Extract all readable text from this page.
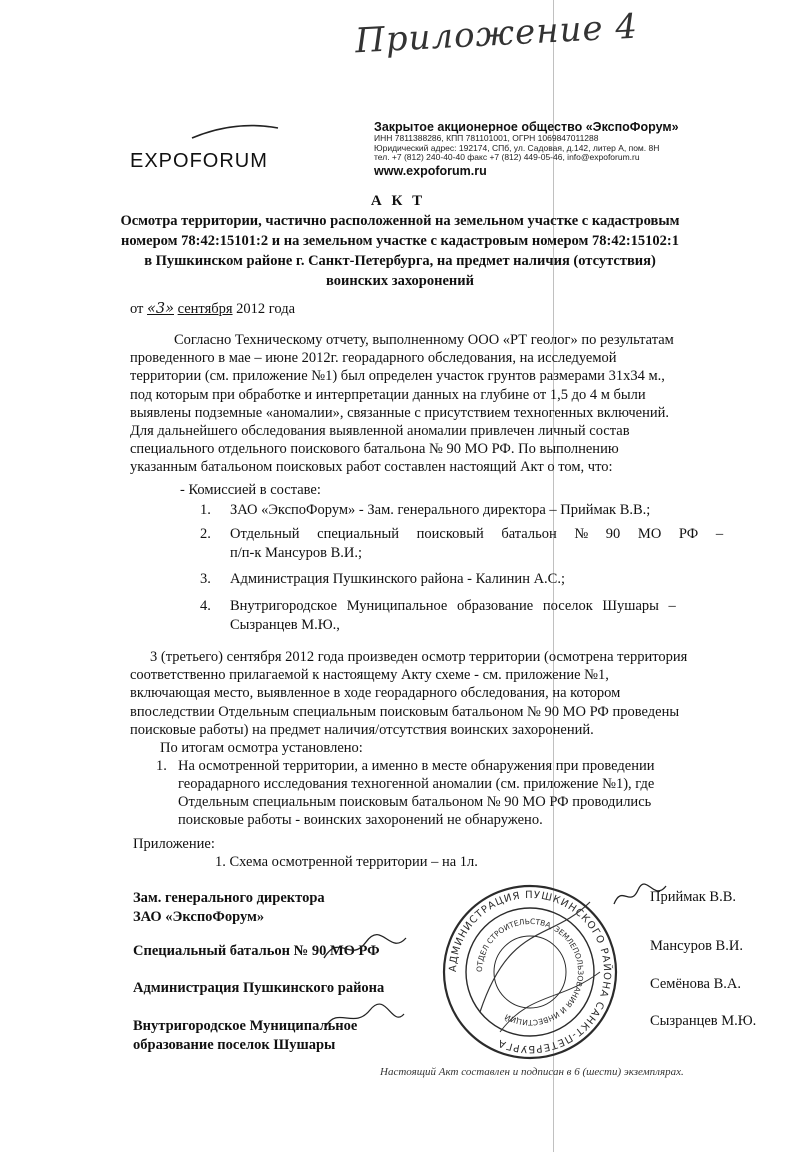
Приложение 4
EXPOFORUM
Закрытое акционерное общество «ЭкспоФорум»
ИНН 7811388286, КПП 781101001, ОГРН 1069847011288
Юридический адрес: 192174, СПб, ул. Садовая, д.142, литер А, пом. 8Н
тел. +7 (812) 240-40-40 факс +7 (812) 449-05-46, info@expoforum.ru
www.expoforum.ru
А К Т
Осмотра территории, частично расположенной на земельном участке с кадастровым
номером 78:42:15101:2 и на земельном участке с кадастровым номером 78:42:15102:1
в Пушкинском районе г. Санкт-Петербурга, на предмет наличия (отсутствия)
воинских захоронений
от «3» сентября 2012 года
Согласно Техническому отчету, выполненному ООО «РТ геолог» по результатам
проведенного в мае – июне 2012г. георадарного обследования, на исследуемой
территории (см. приложение №1) был определен участок грунтов размерами 31х34 м.,
под которым при обработке и интерпретации данных на глубине от 1,5 до 4 м были
выявлены подземные «аномалии», связанные с присутствием техногенных включений.
Для дальнейшего обследования выявленной аномалии привлечен личный состав
специального отдельного поискового батальона № 90 МО РФ. По выполнению
указанным батальоном поисковых работ составлен настоящий Акт о том, что:
- Комиссией в составе:
1. ЗАО «ЭкспоФорум» - Зам. генерального директора – Приймак В.В.;
2. Отдельный специальный поисковый батальон № 90 МО РФ –
п/п-к Мансуров В.И.;
3. Администрация Пушкинского района - Калинин А.С.;
4. Внутригородское Муниципальное образование поселок Шушары –
Сызранцев М.Ю.,
3 (третьего) сентября 2012 года произведен осмотр территории (осмотрена территория
соответственно прилагаемой к настоящему Акту схеме - см. приложение №1,
включающая место, выявленное в ходе георадарного обследования, на котором
впоследствии Отдельным специальным поисковым батальоном № 90 МО РФ проведены
поисковые работы) на предмет наличия/отсутствия воинских захоронений.
По итогам осмотра установлено:
1. На осмотренной территории, а именно в месте обнаружения при проведении
георадарного исследования техногенной аномалии (см. приложение №1), где
Отдельным специальным поисковым батальоном № 90 МО РФ проводились
поисковые работы - воинских захоронений не обнаружено.
Приложение:
1. Схема осмотренной территории – на 1л.
Зам. генерального директора
ЗАО «ЭкспоФорум»
Приймак В.В.
Специальный батальон № 90 МО РФ	Мансуров В.И.
Администрация Пушкинского района	Семёнова В.А.
Внутригородское Муниципальное
образование поселок Шушары
Сызранцев М.Ю.
АДМИНИСТРАЦИЯ ПУШКИНСКОГО РАЙОНА САНКТ-ПЕТЕРБУРГА
ОТДЕЛ СТРОИТЕЛЬСТВА, ЗЕМЛЕПОЛЬЗОВАНИЯ И ИНВЕСТИЦИЙ
Настоящий Акт составлен и подписан в 6 (шести) экземплярах.
